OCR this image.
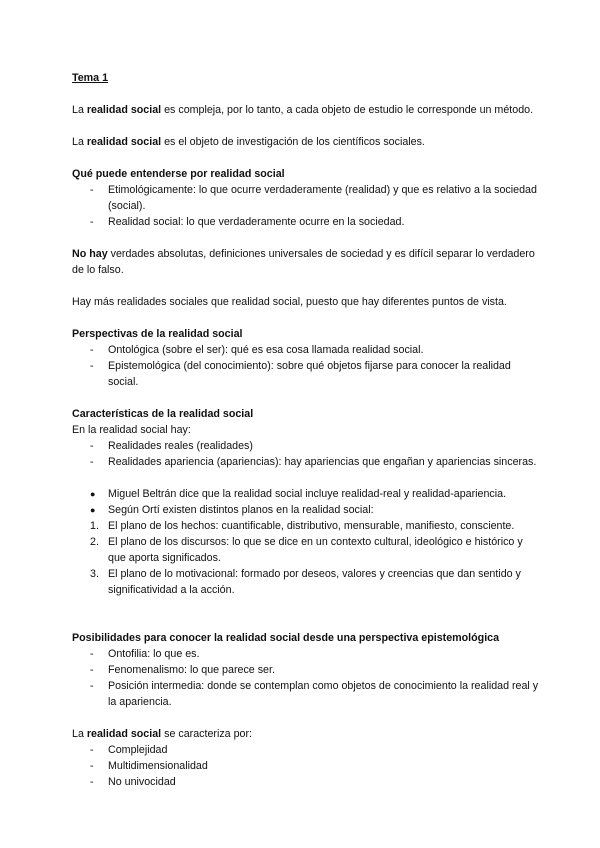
Tema 1

La realidad social es compleja, por lo tanto, a cada objeto de estudio le corresponde un método.

La realidad social es el objeto de investigación de los científicos sociales.

Qué puede entenderse por realidad social

- Etimológicamente: lo que ocurre verdaderamente (realidad) y que es relativo a la sociedad (social).
- Realidad social: lo que verdaderamente ocurre en la sociedad.

No hay verdades absolutas, definiciones universales de sociedad y es difícil separar lo verdadero de lo falso.

Hay más realidades sociales que realidad social, puesto que hay diferentes puntos de vista.

Perspectivas de la realidad social

- Ontológica (sobre el ser): qué es esa cosa llamada realidad social.
- Epistemológica (del conocimiento): sobre qué objetos fijarse para conocer la realidad social.

Características de la realidad social

En la realidad social hay:

- Realidades reales (realidades)
- Realidades apariencia (apariencias): hay apariencias que engañan y apariencias sinceras.
● Miguel Beltrán dice que la realidad social incluye realidad-real y realidad-apariencia.
● Según Ortí existen distintos planos en la realidad social:
1. El plano de los hechos: cuantificable, distributivo, mensurable, manifiesto, consciente.
2. El plano de los discursos: lo que se dice en un contexto cultural, ideológico e histórico y que aporta significados.
3. El plano de lo motivacional: formado por deseos, valores y creencias que dan sentido y significatividad a la acción.

Posibilidades para conocer la realidad social desde una perspectiva epistemológica

- Ontofilia: lo que es.
- Fenomenalismo: lo que parece ser.
- Posición intermedia: donde se contemplan como objetos de conocimiento la realidad real y la apariencia.

La realidad social se caracteriza por:

- Complejidad
- Multidimensionalidad
- No univocidad
